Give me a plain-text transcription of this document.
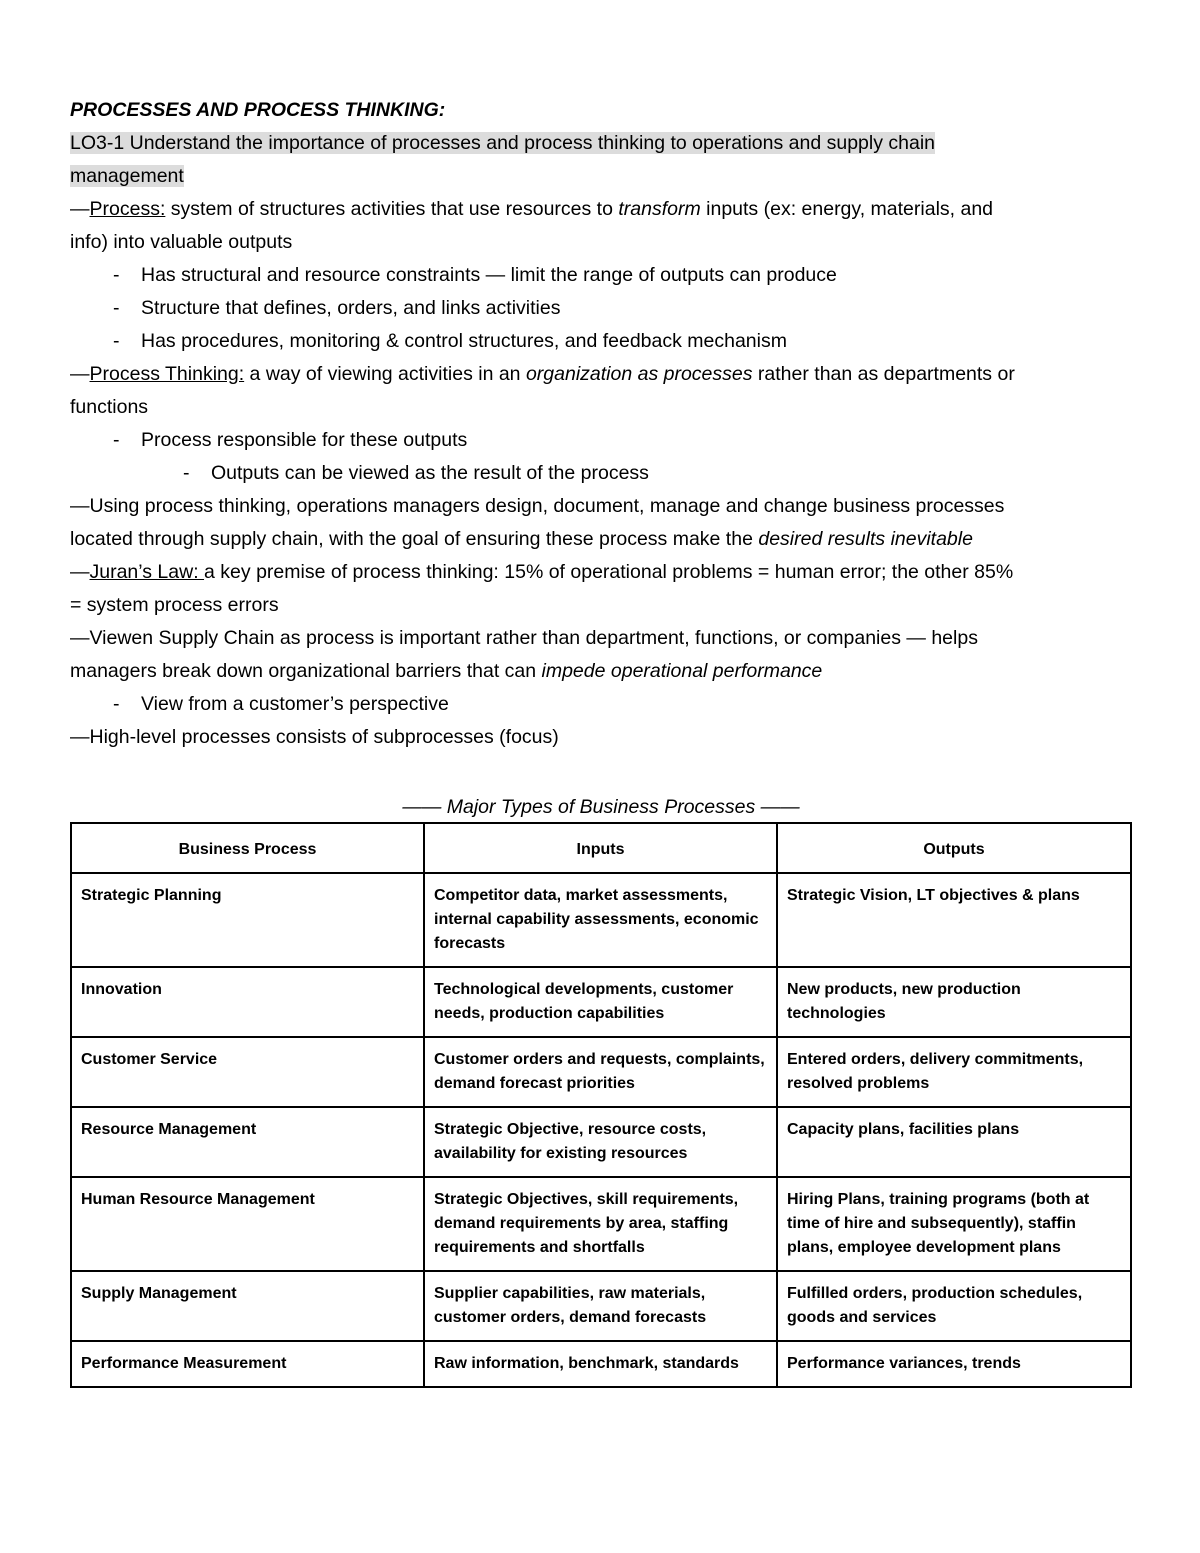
PROCESSES AND PROCESS THINKING:
LO3-1 Understand the importance of processes and process thinking to operations and supply chain
management
—Process: system of structures activities that use resources to transform inputs (ex: energy, materials, and
info) into valuable outputs
- Has structural and resource constraints — limit the range of outputs can produce
- Structure that defines, orders, and links activities
- Has procedures, monitoring & control structures, and feedback mechanism
—Process Thinking: a way of viewing activities in an organization as processes rather than as departments or
functions
- Process responsible for these outputs
- Outputs can be viewed as the result of the process
—Using process thinking, operations managers design, document, manage and change business processes
located through supply chain, with the goal of ensuring these process make the desired results inevitable
—Juran’s Law: a key premise of process thinking: 15% of operational problems = human error; the other 85%
= system process errors
—Viewen Supply Chain as process is important rather than department, functions, or companies — helps
managers break down organizational barriers that can impede operational performance
- View from a customer’s perspective
—High-level processes consists of subprocesses (focus)
—— Major Types of Business Processes ——
Business Process	Inputs	Outputs
Strategic Planning	Competitor data, market assessments, internal capability assessments, economic forecasts	Strategic Vision, LT objectives & plans
Innovation	Technological developments, customer needs, production capabilities	New products, new production technologies
Customer Service	Customer orders and requests, complaints, demand forecast priorities	Entered orders, delivery commitments, resolved problems
Resource Management	Strategic Objective, resource costs, availability for existing resources	Capacity plans, facilities plans
Human Resource Management	Strategic Objectives, skill requirements, demand requirements by area, staffing requirements and shortfalls	Hiring Plans, training programs (both at time of hire and subsequently), staffin plans, employee development plans
Supply Management	Supplier capabilities, raw materials, customer orders, demand forecasts	Fulfilled orders, production schedules, goods and services
Performance Measurement	Raw information, benchmark, standards	Performance variances, trends
